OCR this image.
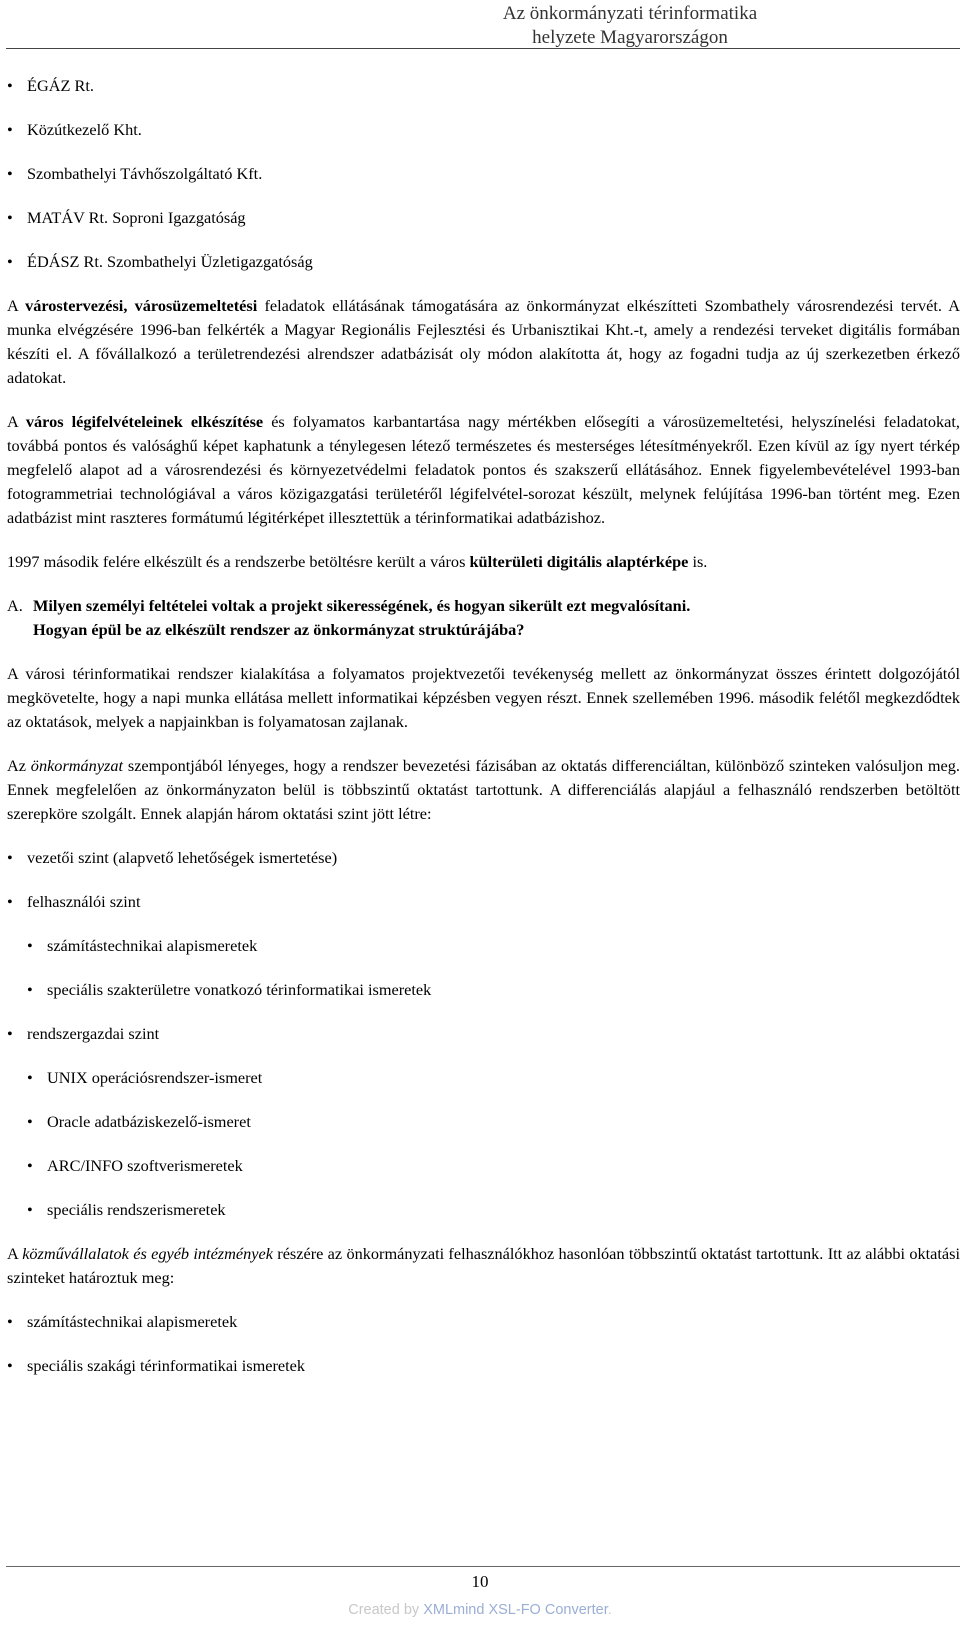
Az önkormányzati térinformatika
helyzete Magyarországon
• ÉGÁZ Rt.
• Közútkezelő Kht.
• Szombathelyi Távhőszolgáltató Kft.
• MATÁV Rt. Soproni Igazgatóság
• ÉDÁSZ Rt. Szombathelyi Üzletigazgatóság

A várostervezési, városüzemeltetési feladatok ellátásának támogatására az önkormányzat elkészítteti Szombathely városrendezési tervét. A munka elvégzésére 1996-ban felkérték a Magyar Regionális Fejlesztési és Urbanisztikai Kht.-t, amely a rendezési terveket digitális formában készíti el. A fővállalkozó a területrendezési alrendszer adatbázisát oly módon alakította át, hogy az fogadni tudja az új szerkezetben érkező adatokat.

A város légifelvételeinek elkészítése és folyamatos karbantartása nagy mértékben elősegíti a városüzemeltetési, helyszínelési feladatokat, továbbá pontos és valósághű képet kaphatunk a ténylegesen létező természetes és mesterséges létesítményekről. Ezen kívül az így nyert térkép megfelelő alapot ad a városrendezési és környezetvédelmi feladatok pontos és szakszerű ellátásához. Ennek figyelembevételével 1993-ban fotogrammetriai technológiával a város közigazgatási területéről légifelvétel-sorozat készült, melynek felújítása 1996-ban történt meg. Ezen adatbázist mint raszteres formátumú légitérképet illesztettük a térinformatikai adatbázishoz.

1997 második felére elkészült és a rendszerbe betöltésre került a város külterületi digitális alaptérképe is.

A. Milyen személyi feltételei voltak a projekt sikerességének, és hogyan sikerült ezt megvalósítani.
Hogyan épül be az elkészült rendszer az önkormányzat struktúrájába?

A városi térinformatikai rendszer kialakítása a folyamatos projektvezetői tevékenység mellett az önkormányzat összes érintett dolgozójától megkövetelte, hogy a napi munka ellátása mellett informatikai képzésben vegyen részt. Ennek szellemében 1996. második felétől megkezdődtek az oktatások, melyek a napjainkban is folyamatosan zajlanak.

Az önkormányzat szempontjából lényeges, hogy a rendszer bevezetési fázisában az oktatás differenciáltan, különböző szinteken valósuljon meg. Ennek megfelelően az önkormányzaton belül is többszintű oktatást tartottunk. A differenciálás alapjául a felhasználó rendszerben betöltött szerepköre szolgált. Ennek alapján három oktatási szint jött létre:

• vezetői szint (alapvető lehetőségek ismertetése)
• felhasználói szint
• számítástechnikai alapismeretek
• speciális szakterületre vonatkozó térinformatikai ismeretek
• rendszergazdai szint
• UNIX operációsrendszer-ismeret
• Oracle adatbáziskezelő-ismeret
• ARC/INFO szoftverismeretek
• speciális rendszerismeretek

A közművállalatok és egyéb intézmények részére az önkormányzati felhasználókhoz hasonlóan többszintű oktatást tartottunk. Itt az alábbi oktatási szinteket határoztuk meg:

• számítástechnikai alapismeretek
• speciális szakági térinformatikai ismeretek
10
Created by XMLmind XSL-FO Converter.
